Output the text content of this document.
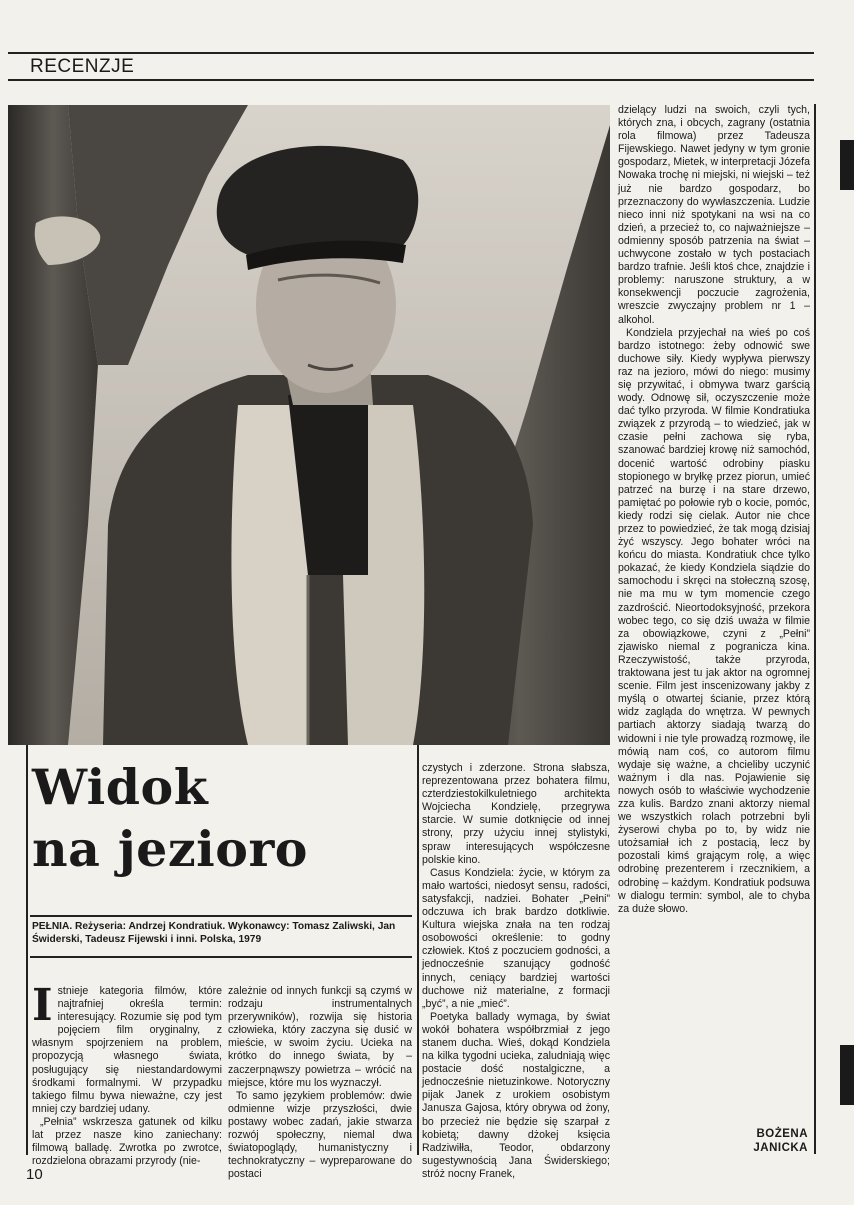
RECENZJE

dzielący ludzi na swoich, czyli tych, których zna, i obcych, zagrany (ostatnia rola filmowa) przez Tadeusza Fijewskiego. Nawet jedyny w tym gronie gospodarz, Mietek, w interpretacji Józefa Nowaka trochę ni miejski, ni wiejski – też już nie bardzo gospodarz, bo przeznaczony do wywłaszczenia. Ludzie nieco inni niż spotykani na wsi na co dzień, a przecież to, co najważniejsze – odmienny sposób patrzenia na świat – uchwycone zostało w tych postaciach bardzo trafnie. Jeśli ktoś chce, znajdzie i problemy: naruszone struktury, a w konsekwencji poczucie zagrożenia, wreszcie zwyczajny problem nr 1 – alkohol.

Kondziela przyjechał na wieś po coś bardzo istotnego: żeby odnowić swe duchowe siły. Kiedy wypływa pierwszy raz na jezioro, mówi do niego: musimy się przywitać, i obmywa twarz garścią wody. Odnowę sił, oczyszczenie może dać tylko przyroda. W filmie Kondratiuka związek z przyrodą – to wiedzieć, jak w czasie pełni zachowa się ryba, szanować bardziej krowę niż samochód, docenić wartość odrobiny piasku stopionego w bryłkę przez piorun, umieć patrzeć na burzę i na stare drzewo, pamiętać po połowie ryb o kocie, pomóc, kiedy rodzi się cielak. Autor nie chce przez to powiedzieć, że tak mogą dzisiaj żyć wszyscy. Jego bohater wróci na końcu do miasta. Kondratiuk chce tylko pokazać, że kiedy Kondziela siądzie do samochodu i skręci na stołeczną szosę, nie ma mu w tym momencie czego zazdrościć. Nieortodoksyjność, przekora wobec tego, co się dziś uważa w filmie za obowiązkowe, czyni z „Pełni” zjawisko niemal z pogranicza kina. Rzeczywistość, także przyroda, traktowana jest tu jak aktor na ogromnej scenie. Film jest inscenizowany jakby z myślą o otwartej ścianie, przez którą widz zagląda do wnętrza. W pewnych partiach aktorzy siadają twarzą do widowni i nie tyle prowadzą rozmowę, ile mówią nam coś, co autorom filmu wydaje się ważne, a chcieliby uczynić ważnym i dla nas. Pojawienie się nowych osób to właściwie wychodzenie zza kulis. Bardzo znani aktorzy niemal we wszystkich rolach potrzebni byli żyserowi chyba po to, by widz nie utożsamiał ich z postacią, lecz by pozostali kimś grającym rolę, a więc odrobinę prezenterem i rzecznikiem, a odrobinę – każdym. Kondratiuk podsuwa w dialogu termin: symbol, ale to chyba za duże słowo.

Widok
na jezioro
PEŁNIA. Reżyseria: Andrzej Kondratiuk. Wykonawcy: Tomasz Zaliwski, Jan Świderski, Tadeusz Fijewski i inni. Polska, 1979

Istnieje kategoria filmów, które najtrafniej określa termin: interesujący. Rozumie się pod tym pojęciem film oryginalny, z własnym spojrzeniem na problem, propozycją własnego świata, posługujący się niestandardowymi środkami formalnymi. W przypadku takiego filmu bywa nieważne, czy jest mniej czy bardziej udany.

„Pełnia” wskrzesza gatunek od kilku lat przez nasze kino zaniechany: filmową balladę. Zwrotka po zwrotce, rozdzielona obrazami przyrody (nie-

zależnie od innych funkcji są czymś w rodzaju instrumentalnych przerywników), rozwija się historia człowieka, który zaczyna się dusić w mieście, w swoim życiu. Ucieka na krótko do innego świata, by – zaczerpnąwszy powietrza – wrócić na miejsce, które mu los wyznaczył.

To samo językiem problemów: dwie odmienne wizje przyszłości, dwie postawy wobec zadań, jakie stwarza rozwój społeczny, niemal dwa światopoglądy, humanistyczny i technokratyczny – wypreparowane do postaci

czystych i zderzone. Strona słabsza, reprezentowana przez bohatera filmu, czterdziestokilkuletniego architekta Wojciecha Kondzielę, przegrywa starcie. W sumie dotknięcie od innej strony, przy użyciu innej stylistyki, spraw interesujących współczesne polskie kino.

Casus Kondziela: życie, w którym za mało wartości, niedosyt sensu, radości, satysfakcji, nadziei. Bohater „Pełni” odczuwa ich brak bardzo dotkliwie. Kultura wiejska znała na ten rodzaj osobowości określenie: to godny człowiek. Ktoś z poczuciem godności, a jednocześnie szanujący godność innych, ceniący bardziej wartości duchowe niż materialne, z formacji „być”, a nie „mieć”.

Poetyka ballady wymaga, by świat wokół bohatera współbrzmiał z jego stanem ducha. Wieś, dokąd Kondziela na kilka tygodni ucieka, zaludniają więc postacie dość nostalgiczne, a jednocześnie nietuzinkowe. Notoryczny pijak Janek z urokiem osobistym Janusza Gajosa, który obrywa od żony, bo przecież nie będzie się szarpał z kobietą; dawny dżokej księcia Radziwiłła, Teodor, obdarzony sugestywnością Jana Świderskiego; stróż nocny Franek,

BOŻENA
JANICKA
10
